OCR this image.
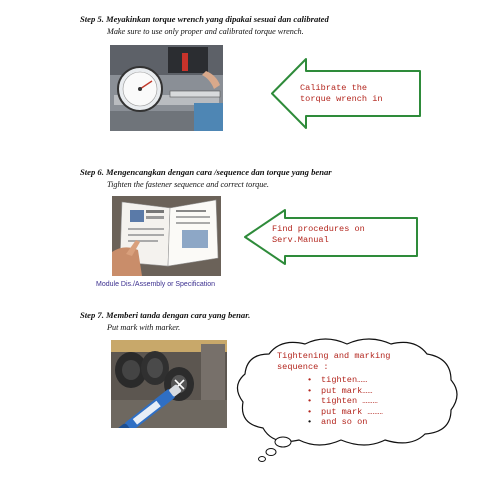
Step 5. Meyakinkan torque wrench yang dipakai sesuai dan calibrated
Make sure to use only proper and calibrated torque wrench.
Calibrate the
torque wrench in
Step 6. Mengencangkan dengan cara /sequence dan torque yang benar
Tighten the fastener sequence and correct torque.
Find procedures on
Serv.Manual
Module Dis./Assembly or Specification
Step 7. Memberi tanda dengan cara yang benar.
Put mark with marker.
Tightening and marking
sequence :
• tighten……
• put mark……
• tighten ………
• put mark ………
• and so on
